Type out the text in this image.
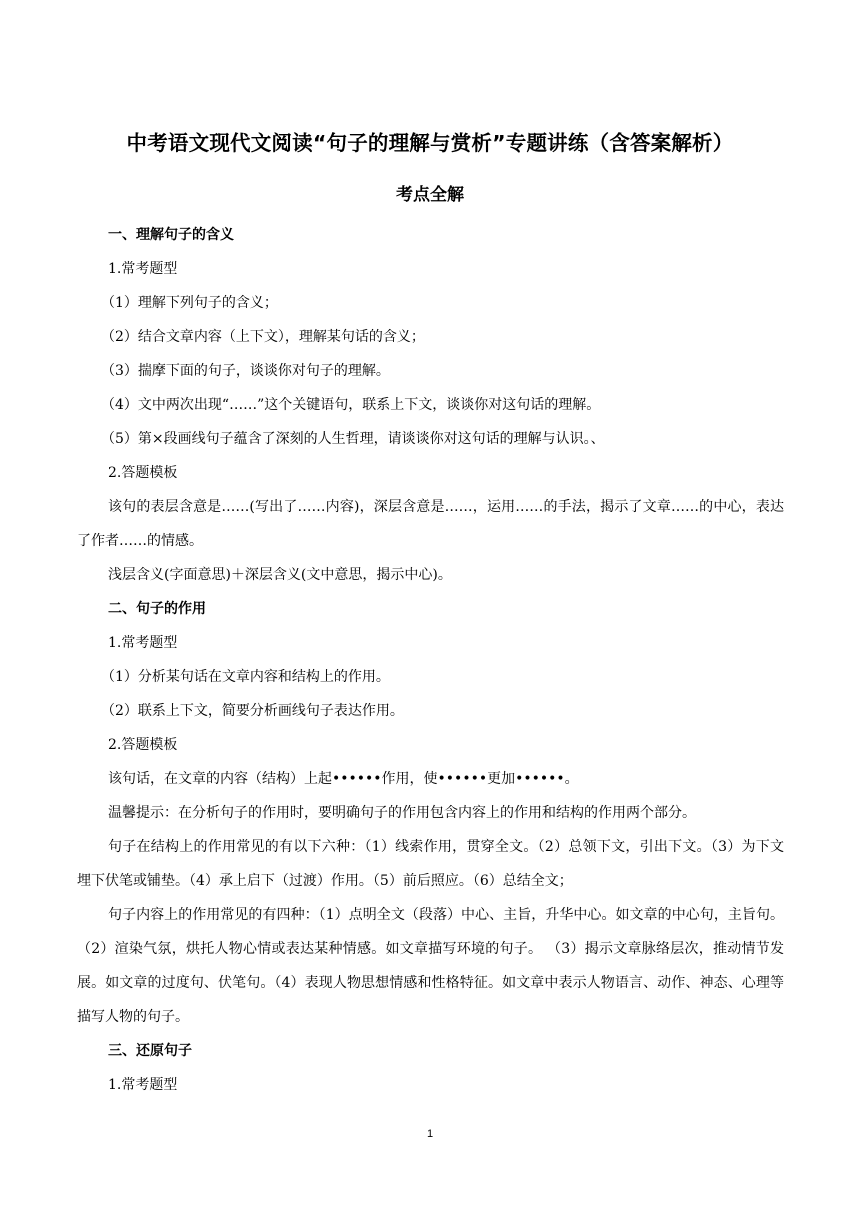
中考语文现代文阅读“句子的理解与赏析”专题讲练（含答案解析）
考点全解
一、理解句子的含义
1.常考题型
（1）理解下列句子的含义；
（2）结合文章内容（上下文），理解某句话的含义；
（3）揣摩下面的句子，谈谈你对句子的理解。
（4）文中两次出现“……”这个关键语句，联系上下文，谈谈你对这句话的理解。
（5）第×段画线句子蕴含了深刻的人生哲理，请谈谈你对这句话的理解与认识。、
2.答题模板
该句的表层含意是……(写出了……内容)，深层含意是……，运用……的手法，揭示了文章……的中心，表达了作者……的情感。
浅层含义(字面意思)＋深层含义(文中意思，揭示中心)。
二、句子的作用
1.常考题型
（1）分析某句话在文章内容和结构上的作用。
（2）联系上下文，简要分析画线句子表达作用。
2.答题模板
该句话，在文章的内容（结构）上起••••••作用，使••••••更加••••••。
温馨提示：在分析句子的作用时，要明确句子的作用包含内容上的作用和结构的作用两个部分。
句子在结构上的作用常见的有以下六种：（1）线索作用，贯穿全文。（2）总领下文，引出下文。（3）为下文埋下伏笔或铺垫。（4）承上启下（过渡）作用。（5）前后照应。（6）总结全文；
句子内容上的作用常见的有四种：（1）点明全文（段落）中心、主旨，升华中心。如文章的中心句，主旨句。（2）渲染气氛，烘托人物心情或表达某种情感。如文章描写环境的句子。 （3）揭示文章脉络层次，推动情节发展。如文章的过度句、伏笔句。（4）表现人物思想情感和性格特征。如文章中表示人物语言、动作、神态、心理等描写人物的句子。
三、还原句子
1.常考题型
1
